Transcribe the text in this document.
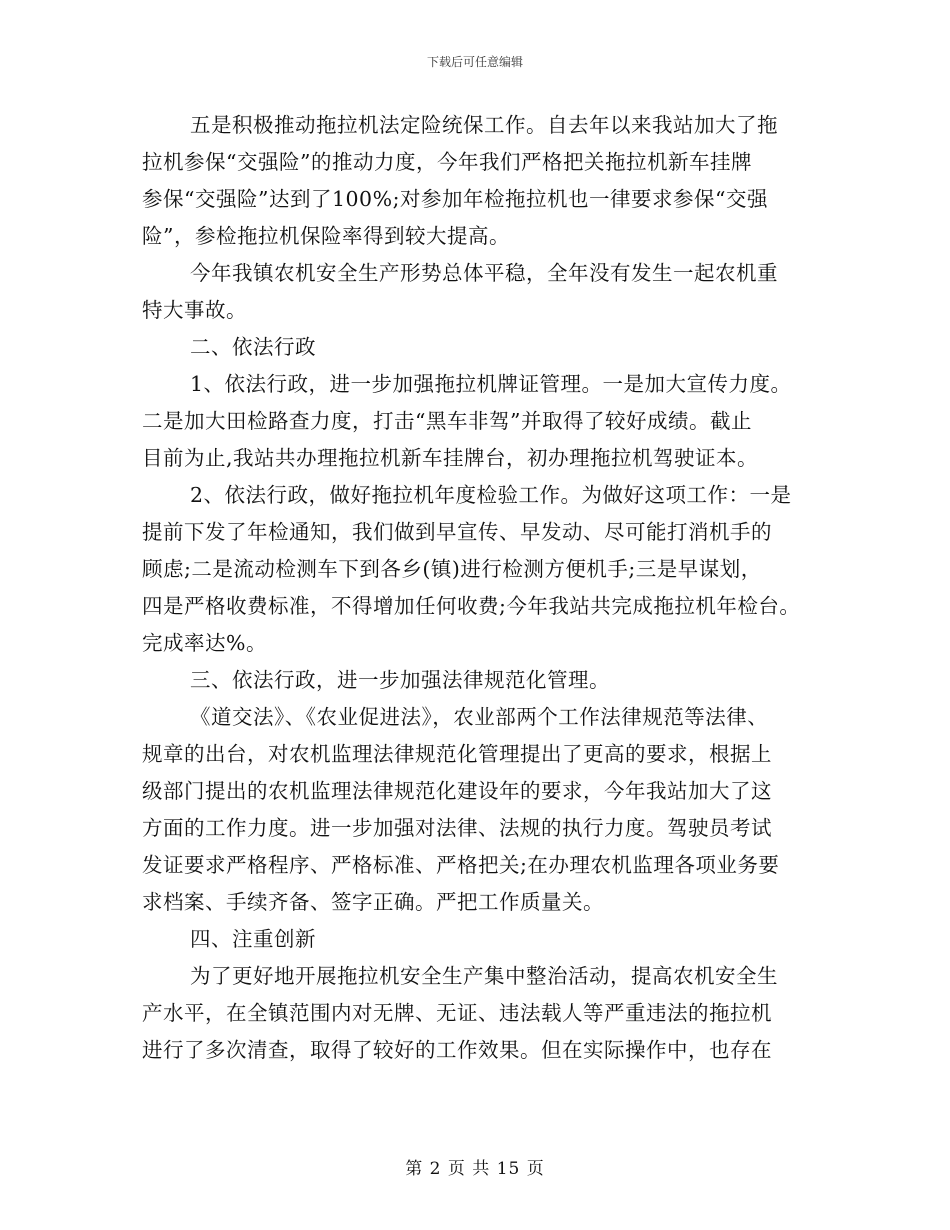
下载后可任意编辑
五是积极推动拖拉机法定险统保工作。自去年以来我站加大了拖
拉机参保“交强险”的推动力度，今年我们严格把关拖拉机新车挂牌
参保“交强险”达到了100%;对参加年检拖拉机也一律要求参保“交强
险”，参检拖拉机保险率得到较大提高。
今年我镇农机安全生产形势总体平稳，全年没有发生一起农机重
特大事故。
二、依法行政
1、依法行政，进一步加强拖拉机牌证管理。一是加大宣传力度。
二是加大田检路查力度，打击“黑车非驾”并取得了较好成绩。截止
目前为止,我站共办理拖拉机新车挂牌台，初办理拖拉机驾驶证本。
2、依法行政，做好拖拉机年度检验工作。为做好这项工作：一是
提前下发了年检通知，我们做到早宣传、早发动、尽可能打消机手的
顾虑;二是流动检测车下到各乡(镇)进行检测方便机手;三是早谋划，
四是严格收费标准，不得增加任何收费;今年我站共完成拖拉机年检台。
完成率达%。
三、依法行政，进一步加强法律规范化管理。
《道交法》、《农业促进法》，农业部两个工作法律规范等法律、
规章的出台，对农机监理法律规范化管理提出了更高的要求，根据上
级部门提出的农机监理法律规范化建设年的要求，今年我站加大了这
方面的工作力度。进一步加强对法律、法规的执行力度。驾驶员考试
发证要求严格程序、严格标准、严格把关;在办理农机监理各项业务要
求档案、手续齐备、签字正确。严把工作质量关。
四、注重创新
为了更好地开展拖拉机安全生产集中整治活动，提高农机安全生
产水平，在全镇范围内对无牌、无证、违法载人等严重违法的拖拉机
进行了多次清查，取得了较好的工作效果。但在实际操作中，也存在
第 2 页 共 15 页
